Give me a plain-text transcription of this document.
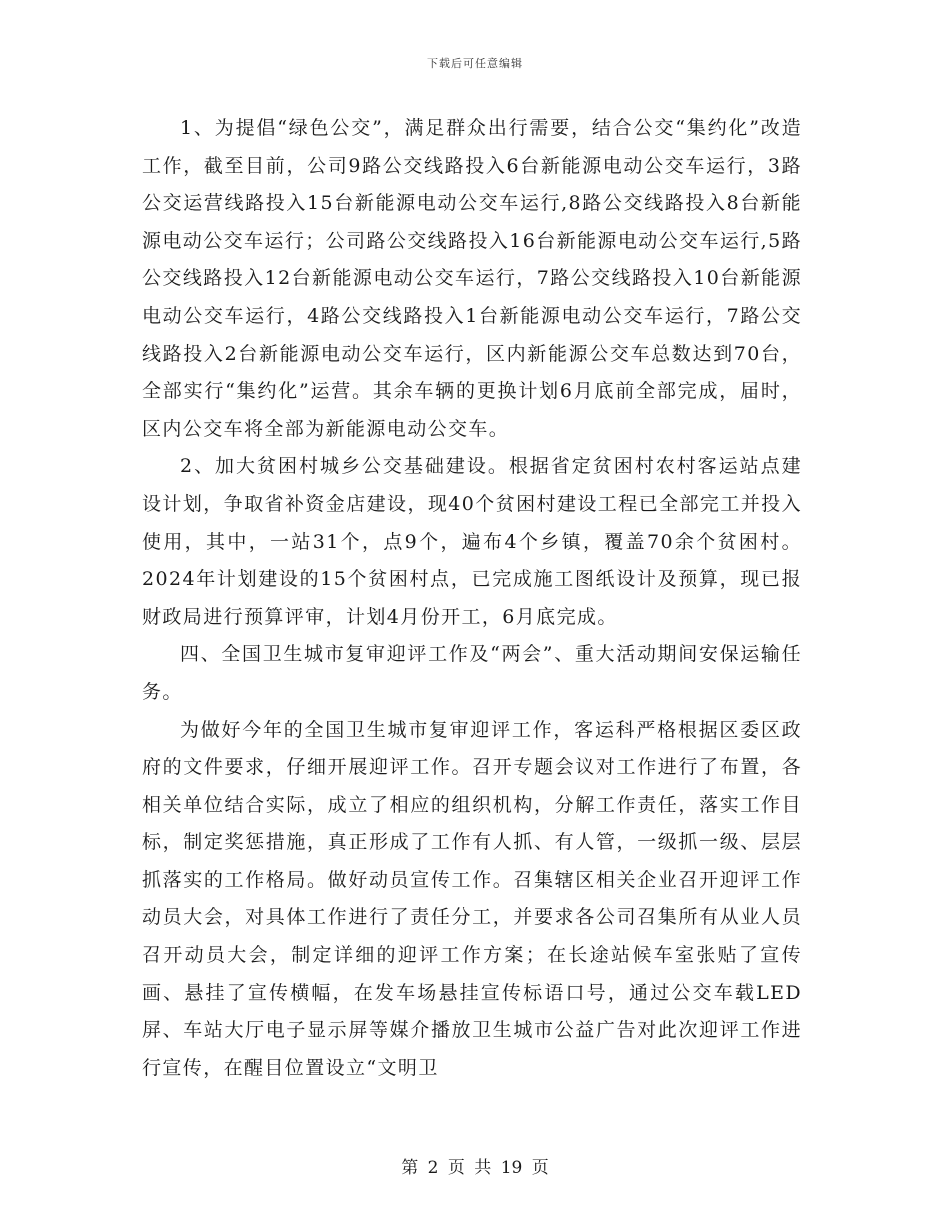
下载后可任意编辑

1、为提倡“绿色公交”，满足群众出行需要，结合公交“集约化”改造工作，截至目前，公司9路公交线路投入6台新能源电动公交车运行，3路公交运营线路投入15台新能源电动公交车运行,8路公交线路投入8台新能源电动公交车运行；公司路公交线路投入16台新能源电动公交车运行,5路公交线路投入12台新能源电动公交车运行，7路公交线路投入10台新能源电动公交车运行，4路公交线路投入1台新能源电动公交车运行，7路公交线路投入2台新能源电动公交车运行，区内新能源公交车总数达到70台，全部实行“集约化”运营。其余车辆的更换计划6月底前全部完成，届时，区内公交车将全部为新能源电动公交车。

2、加大贫困村城乡公交基础建设。根据省定贫困村农村客运站点建设计划，争取省补资金店建设，现40个贫困村建设工程已全部完工并投入使用，其中，一站31个，点9个，遍布4个乡镇，覆盖70余个贫困村。2024年计划建设的15个贫困村点，已完成施工图纸设计及预算，现已报财政局进行预算评审，计划4月份开工，6月底完成。

四、全国卫生城市复审迎评工作及“两会”、重大活动期间安保运输任务。

为做好今年的全国卫生城市复审迎评工作，客运科严格根据区委区政府的文件要求，仔细开展迎评工作。召开专题会议对工作进行了布置，各相关单位结合实际，成立了相应的组织机构，分解工作责任，落实工作目标，制定奖惩措施，真正形成了工作有人抓、有人管，一级抓一级、层层抓落实的工作格局。做好动员宣传工作。召集辖区相关企业召开迎评工作动员大会，对具体工作进行了责任分工，并要求各公司召集所有从业人员召开动员大会，制定详细的迎评工作方案；在长途站候车室张贴了宣传画、悬挂了宣传横幅，在发车场悬挂宣传标语口号，通过公交车载LED屏、车站大厅电子显示屏等媒介播放卫生城市公益广告对此次迎评工作进行宣传，在醒目位置设立“文明卫

第 2 页 共 19 页
